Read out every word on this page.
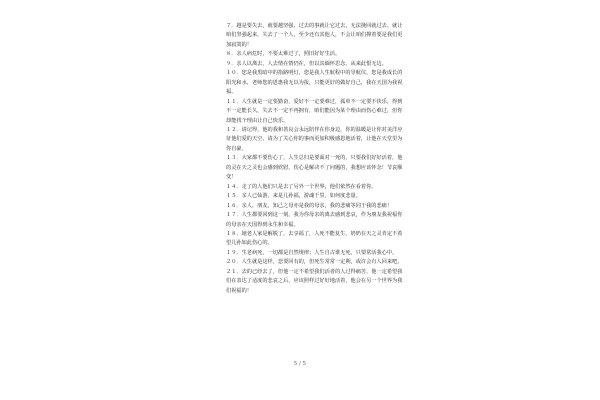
７．越是要失去，就要越坚强，过去的事就让它过去，无法挽回就过去。就让咱们坚强起来，失去了一个人，至少还有其他人，不会让咱们撑着要是我们更加寂寞的！

８．亲人病危时，不要太难过了，照旧好好生活。

９．亲人以离去，人去情在情仍在，但以其缅怀思念。从来此恨无边。

１０．您是我黑暗中的指路明灯，您是我人生航程中的导航仪，您是我成长的阳光和水，老师您的恩惠我无以为报，只能更好的做好自己，我在天国为我祝福。

１１．人生就是一定要勤奋，爱好不一定要难过，孤单不一定要不快乐，得到不一定能长久，失去不一定不再拥有，咱们能因为某个理由而伤心难过，但你却能找个理由让自己快乐。

１２．请记得，他的我和善良会永远陪伴在你身边，你的温暖是让你对美洋应征他们爱的天空，请为了关心你的事而更加积极感恩地活着，让他在天堂里为你自豪。

１３．大家都不要伤心了，人生总归是要面对一死的，只要我们好好活着，他的灵在天之灵也会感到欣慰，伤心是解决不了问题的，我想应该怀念！节哀顺变！

１４．走了的人他们只是去了另外一个世界，他们依然在看着你。

１５．亲人已仙游，来是儿孙福，游魂千里，如何度悲量。

１６．亲人，朋友，知己之母亦是我的母亲，我的悲痛等同于我的悲痛！

１７．人生都要回到这一刻，我为你母亲的离去感到悲哀，作为朋友我祝福你的母亲在天国得到永生和幸福。

１８．她老人家是解脱了，去享福了，人死不能复生，奶奶在天之灵肯定不希望儿孙如此伤心的。

１９．生老病死，一切都是自然规律；人生自古谁无死，只要常活我心中。

２０．人生就是这样，悲要回有的，但死生常常一定期，或许会有人回来吧。

２１．去的已经去了，但他一定不希望我们活者的人过得痛苦，他一定希望我们在表达了适度的悲哀之后，应该照样过好好地活着，他会在另一个世界为我们祝福的！

5 / 5
